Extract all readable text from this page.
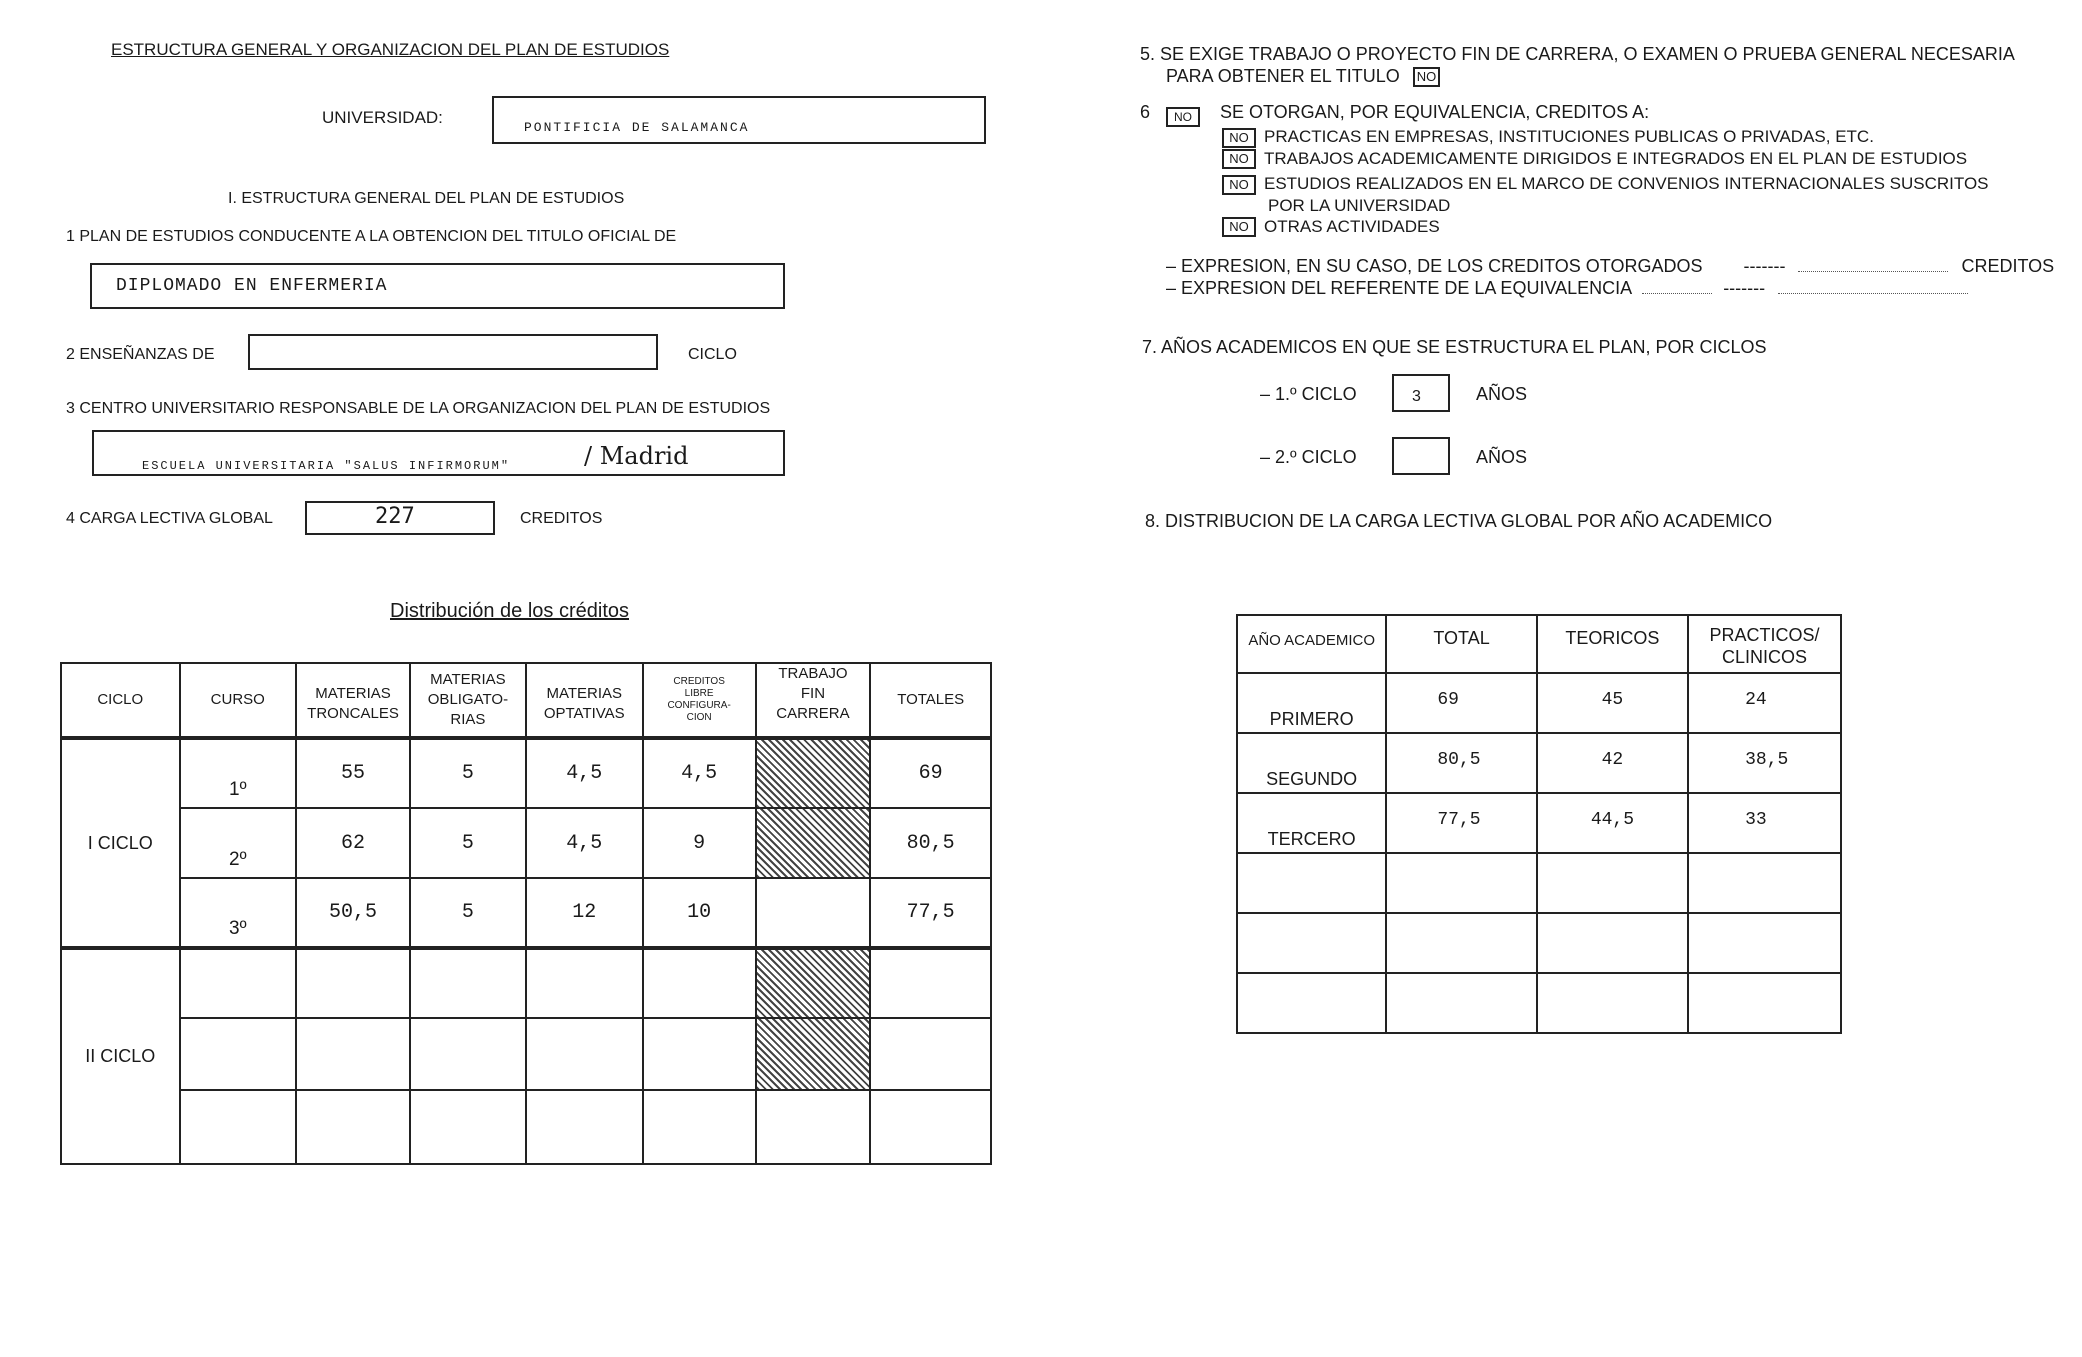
ESTRUCTURA GENERAL Y ORGANIZACION DEL PLAN DE ESTUDIOS
UNIVERSIDAD:
PONTIFICIA DE SALAMANCA
I. ESTRUCTURA GENERAL DEL PLAN DE ESTUDIOS
1 PLAN DE ESTUDIOS CONDUCENTE A LA OBTENCION DEL TITULO OFICIAL DE
DIPLOMADO EN ENFERMERIA
2 ENSEÑANZAS DE	CICLO
3 CENTRO UNIVERSITARIO RESPONSABLE DE LA ORGANIZACION DEL PLAN DE ESTUDIOS
ESCUELA UNIVERSITARIA "SALUS INFIRMORUM"	/ Madrid
4 CARGA LECTIVA GLOBAL	227	CREDITOS
Distribución de los créditos
CICLO	CURSO	MATERIAS TRONCALES	MATERIAS OBLIGATO- RIAS	MATERIAS OPTATIVAS	CREDITOS LIBRE CONFIGURA- CION	TRABAJO FIN CARRERA	TOTALES
I CICLO	1º	55	5	4,5	4,5		69
	2º	62	5	4,5	9		80,5
	3º	50,5	5	12	10		77,5
II CICLO							

5. SE EXIGE TRABAJO O PROYECTO FIN DE CARRERA, O EXAMEN O PRUEBA GENERAL NECESARIA
PARA OBTENER EL TITULO NO
6	NO	SE OTORGAN, POR EQUIVALENCIA, CREDITOS A:
NO PRACTICAS EN EMPRESAS, INSTITUCIONES PUBLICAS O PRIVADAS, ETC.
NO TRABAJOS ACADEMICAMENTE DIRIGIDOS E INTEGRADOS EN EL PLAN DE ESTUDIOS
NO ESTUDIOS REALIZADOS EN EL MARCO DE CONVENIOS INTERNACIONALES SUSCRITOS
POR LA UNIVERSIDAD
NO OTRAS ACTIVIDADES
– EXPRESION, EN SU CASO, DE LOS CREDITOS OTORGADOS -------	CREDITOS
– EXPRESION DEL REFERENTE DE LA EQUIVALENCIA	-------
7. AÑOS ACADEMICOS EN QUE SE ESTRUCTURA EL PLAN, POR CICLOS
– 1.º CICLO	3	AÑOS
– 2.º CICLO	AÑOS
8. DISTRIBUCION DE LA CARGA LECTIVA GLOBAL POR AÑO ACADEMICO
AÑO ACADEMICO	TOTAL	TEORICOS	PRACTICOS/ CLINICOS
PRIMERO	69	45	24
SEGUNDO	80,5	42	38,5
TERCERO	77,5	44,5	33
